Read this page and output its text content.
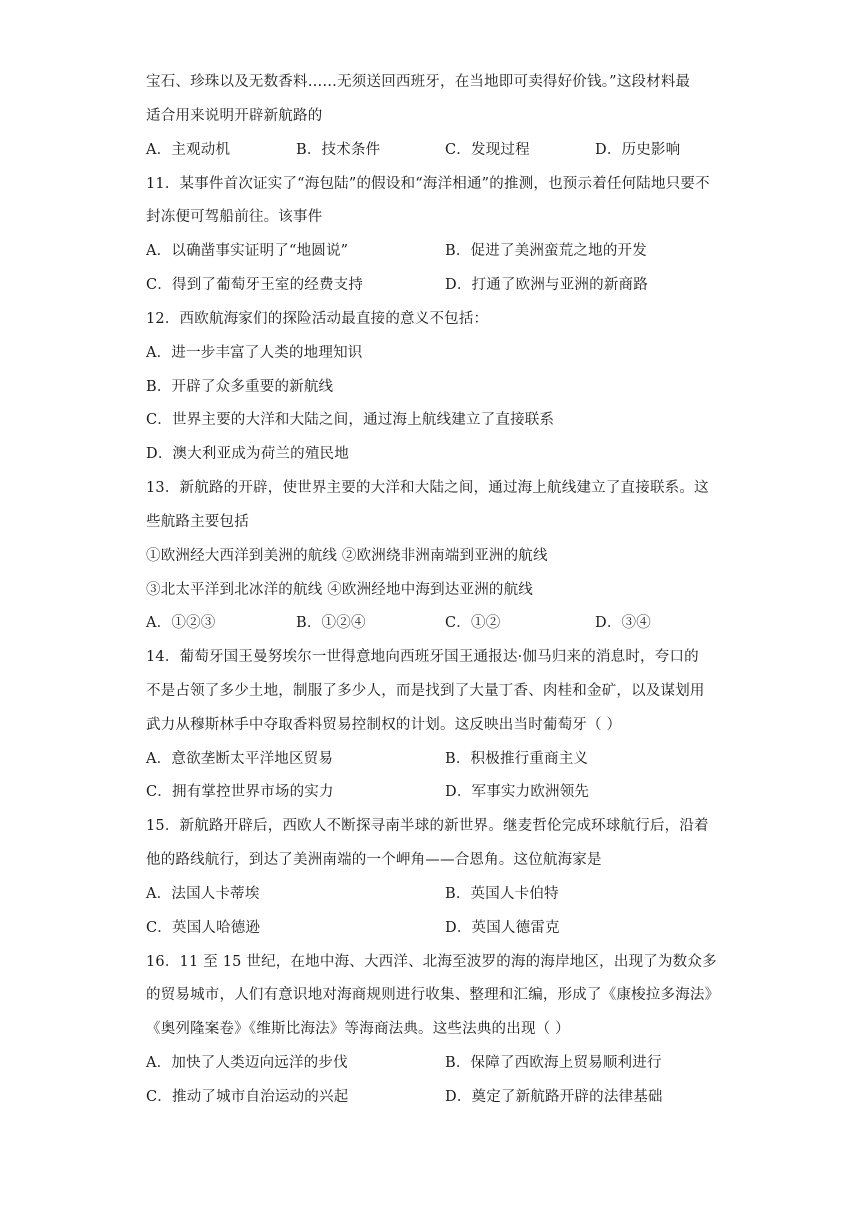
宝石、珍珠以及无数香料……无须送回西班牙，在当地即可卖得好价钱。”这段材料最
适合用来说明开辟新航路的
A．主观动机	B．技术条件	C．发现过程	D．历史影响
11．某事件首次证实了“海包陆”的假设和“海洋相通”的推测，也预示着任何陆地只要不
封冻便可驾船前往。该事件
A．以确凿事实证明了“地圆说”	B．促进了美洲蛮荒之地的开发
C．得到了葡萄牙王室的经费支持	D．打通了欧洲与亚洲的新商路
12．西欧航海家们的探险活动最直接的意义不包括：
A．进一步丰富了人类的地理知识
B．开辟了众多重要的新航线
C．世界主要的大洋和大陆之间，通过海上航线建立了直接联系
D．澳大利亚成为荷兰的殖民地
13．新航路的开辟，使世界主要的大洋和大陆之间，通过海上航线建立了直接联系。这
些航路主要包括
①欧洲经大西洋到美洲的航线 ②欧洲绕非洲南端到亚洲的航线
③北太平洋到北冰洋的航线 ④欧洲经地中海到达亚洲的航线
A．①②③	B．①②④	C．①②	D．③④
14．葡萄牙国王曼努埃尔一世得意地向西班牙国王通报达·伽马归来的消息时，夸口的
不是占领了多少土地，制服了多少人，而是找到了大量丁香、肉桂和金矿，以及谋划用
武力从穆斯林手中夺取香料贸易控制权的计划。这反映出当时葡萄牙（ ）
A．意欲垄断太平洋地区贸易	B．积极推行重商主义
C．拥有掌控世界市场的实力	D．军事实力欧洲领先
15．新航路开辟后，西欧人不断探寻南半球的新世界。继麦哲伦完成环球航行后，沿着
他的路线航行，到达了美洲南端的一个岬角——合恩角。这位航海家是
A．法国人卡蒂埃	B．英国人卡伯特
C．英国人哈德逊	D．英国人德雷克
16．11 至 15 世纪，在地中海、大西洋、北海至波罗的海的海岸地区，出现了为数众多
的贸易城市，人们有意识地对海商规则进行收集、整理和汇编，形成了《康梭拉多海法》
《奥列隆案卷》《维斯比海法》等海商法典。这些法典的出现（ ）
A．加快了人类迈向远洋的步伐	B．保障了西欧海上贸易顺利进行
C．推动了城市自治运动的兴起	D．奠定了新航路开辟的法律基础
